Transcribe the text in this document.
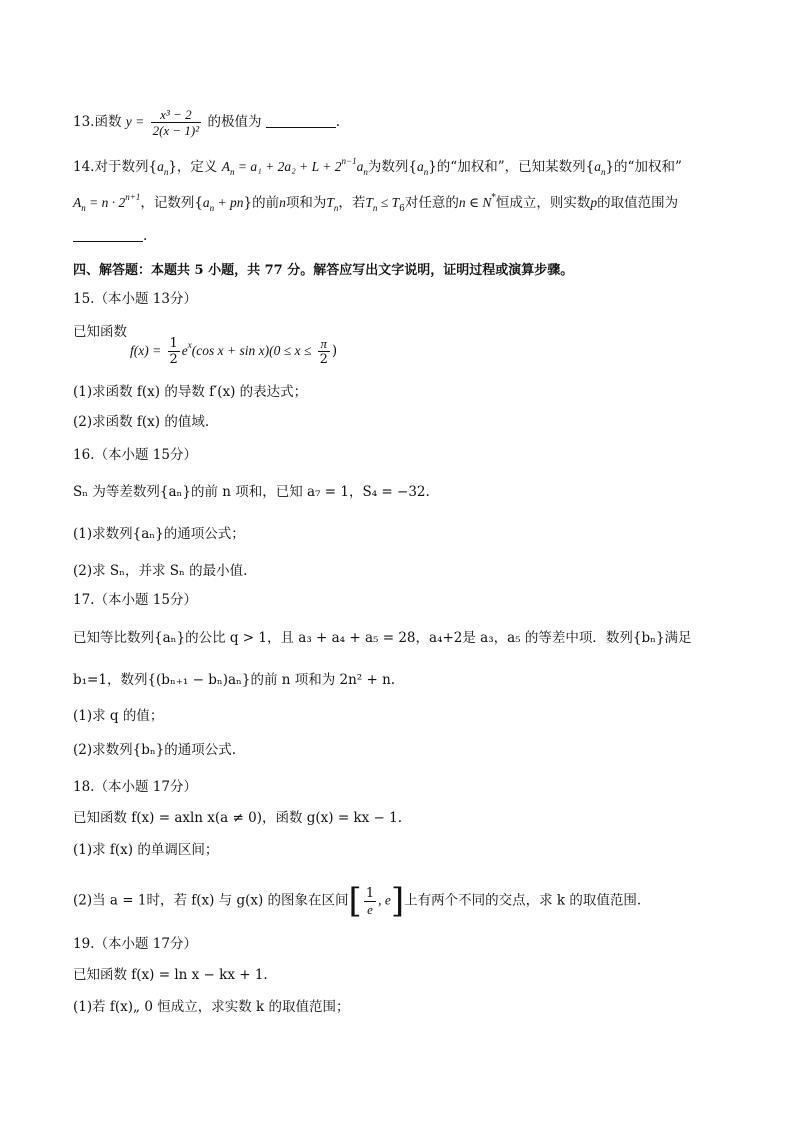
13.函数 $y = \frac{\text{x³ − 2}}{\text{2(x − 1)²}}$ 的极值为	.
14.对于数列$\{a_n\}$，定义 $A_n = a_1 + 2a_2 + L + 2^{n-1}a_n$为数列$\{a_n\}$的“加权和”，已知某数列$\{a_n\}$的“加权和”
$A_n = n \cdot 2^{n+1}$，记数列$\{a_n + pn\}$的前n项和为$T_n$，若$T_n \le T_6$对任意的n ∈ N*恒成立，则实数p的取值范围为
.
四、解答题：本题共 5 小题，共 77 分。解答应写出文字说明，证明过程或演算步骤。
15.（本小题 13分）
已知函数
$f(x) = \frac{1}{2} e^x(\cos$ $x + \sin x)(0 \le x \le \frac{\pi}{2}$ )
(1)求函数 f(x) 的导数 f′(x) 的表达式；
(2)求函数 f(x) 的值域.
16.（本小题 15分）
Sₙ 为等差数列{aₙ}的前 n 项和，已知 a₇ = 1，S₄ = −32.
(1)求数列{aₙ}的通项公式；
(2)求 Sₙ，并求 Sₙ 的最小值.
17.（本小题 15分）
已知等比数列{aₙ}的公比 q > 1，且 a₃ + a₄ + a₅ = 28，a₄+2是 a₃，a₅ 的等差中项．数列{bₙ}满足
b₁=1，数列{(bₙ₊₁ − bₙ)aₙ}的前 n 项和为 2n² + n.
(1)求 q 的值；
(2)求数列{bₙ}的通项公式.
18.（本小题 17分）
已知函数 f(x) = axln x(a ≠ 0)，函数 g(x) = kx − 1.
(1)求 f(x) 的单调区间；
(2)当 a = 1时，若 f(x) 与 g(x) 的图象在区间[ $\frac{1}{e}$ , e]上有两个不同的交点，求 k 的取值范围.
19.（本小题 17分）
已知函数 f(x) = ln x − kx + 1.
(1)若 f(x)„ 0 恒成立，求实数 k 的取值范围；
